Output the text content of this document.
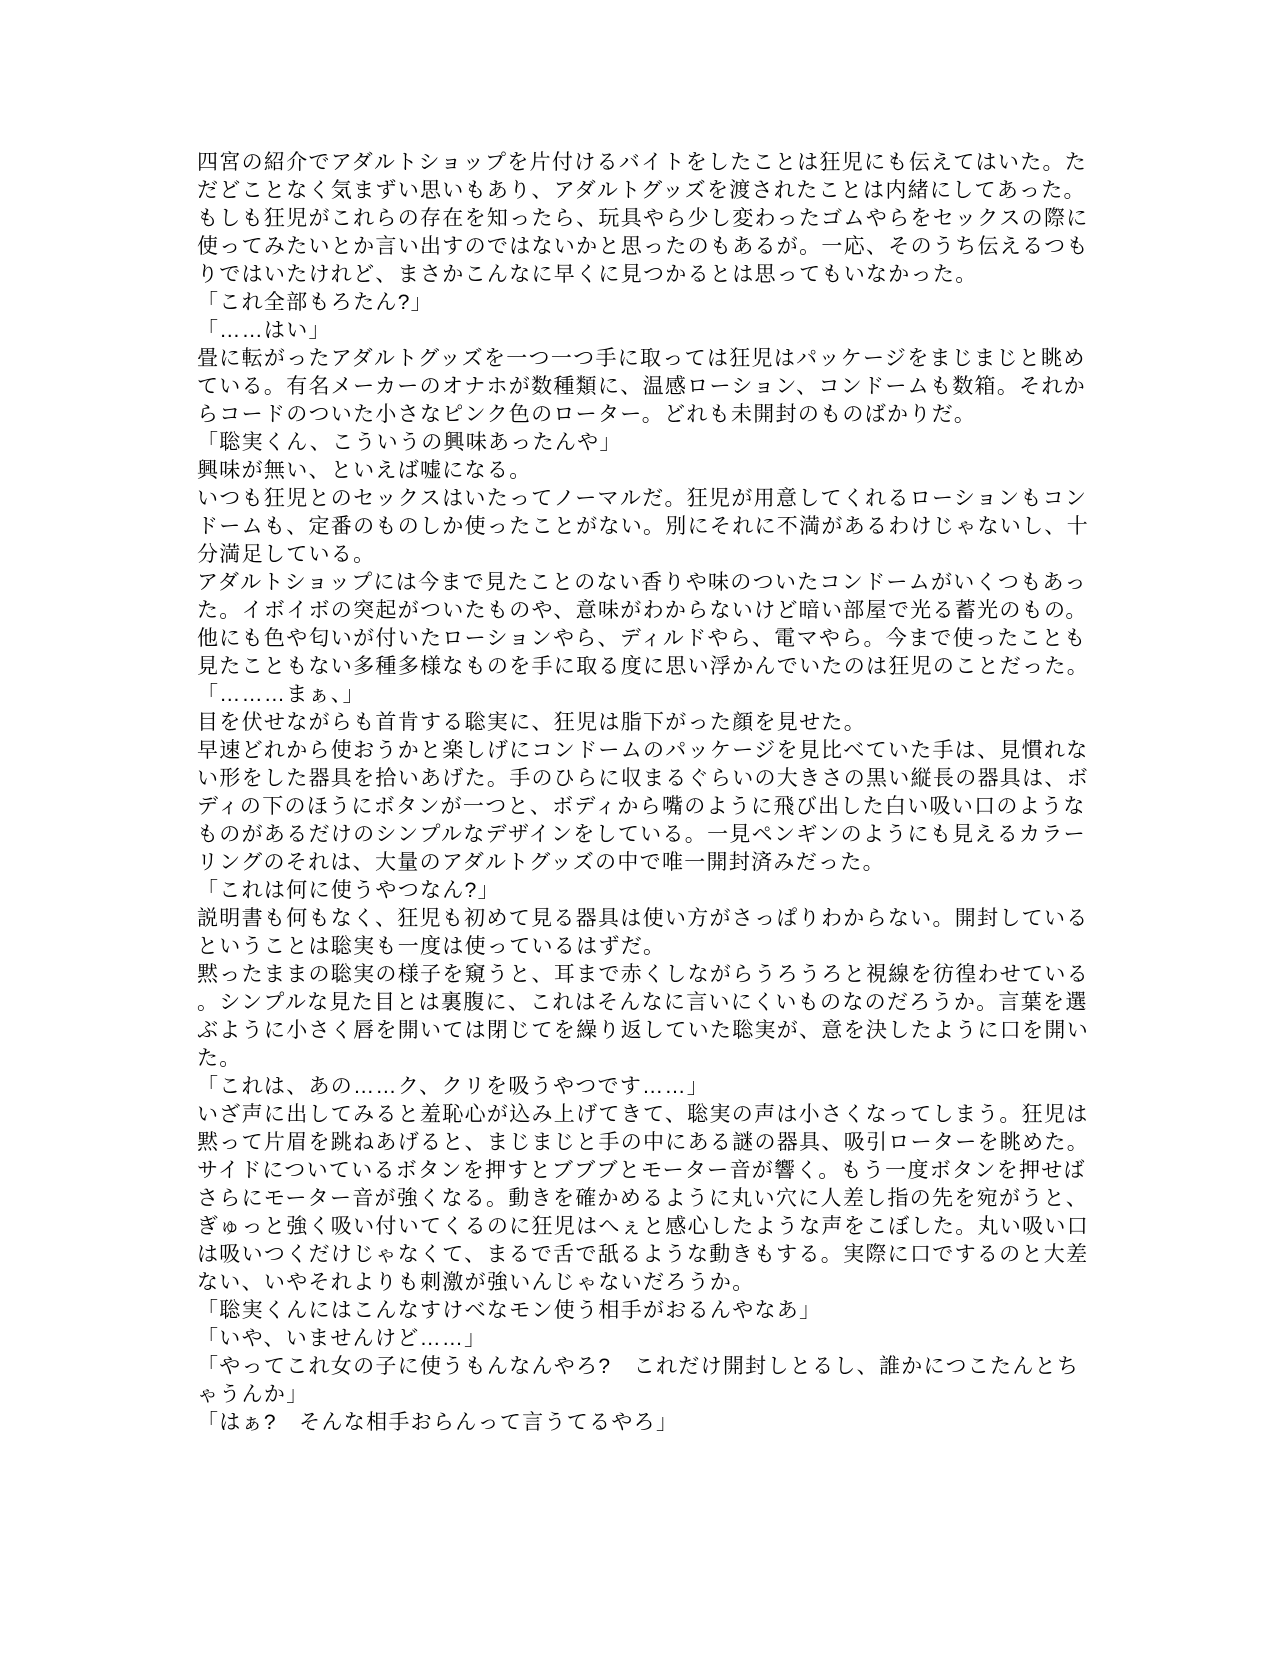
四宮の紹介でアダルトショップを片付けるバイトをしたことは狂児にも伝えてはいた。た
だどことなく気まずい思いもあり、アダルトグッズを渡されたことは内緒にしてあった。
もしも狂児がこれらの存在を知ったら、玩具やら少し変わったゴムやらをセックスの際に
使ってみたいとか言い出すのではないかと思ったのもあるが。一応、そのうち伝えるつも
りではいたけれど、まさかこんなに早くに見つかるとは思ってもいなかった。
「これ全部もろたん?」
「……はい」
畳に転がったアダルトグッズを一つ一つ手に取っては狂児はパッケージをまじまじと眺め
ている。有名メーカーのオナホが数種類に、温感ローション、コンドームも数箱。それか
らコードのついた小さなピンク色のローター。どれも未開封のものばかりだ。
「聡実くん、こういうの興味あったんや」
興味が無い、といえば嘘になる。
いつも狂児とのセックスはいたってノーマルだ。狂児が用意してくれるローションもコン
ドームも、定番のものしか使ったことがない。別にそれに不満があるわけじゃないし、十
分満足している。
アダルトショップには今まで見たことのない香りや味のついたコンドームがいくつもあっ
た。イボイボの突起がついたものや、意味がわからないけど暗い部屋で光る蓄光のもの。
他にも色や匂いが付いたローションやら、ディルドやら、電マやら。今まで使ったことも
見たこともない多種多様なものを手に取る度に思い浮かんでいたのは狂児のことだった。
「………まぁ、」
目を伏せながらも首肯する聡実に、狂児は脂下がった顔を見せた。
早速どれから使おうかと楽しげにコンドームのパッケージを見比べていた手は、見慣れな
い形をした器具を拾いあげた。手のひらに収まるぐらいの大きさの黒い縦長の器具は、ボ
ディの下のほうにボタンが一つと、ボディから嘴のように飛び出した白い吸い口のような
ものがあるだけのシンプルなデザインをしている。一見ペンギンのようにも見えるカラー
リングのそれは、大量のアダルトグッズの中で唯一開封済みだった。
「これは何に使うやつなん?」
説明書も何もなく、狂児も初めて見る器具は使い方がさっぱりわからない。開封している
ということは聡実も一度は使っているはずだ。
黙ったままの聡実の様子を窺うと、耳まで赤くしながらうろうろと視線を彷徨わせている
。シンプルな見た目とは裏腹に、これはそんなに言いにくいものなのだろうか。言葉を選
ぶように小さく唇を開いては閉じてを繰り返していた聡実が、意を決したように口を開い
た。
「これは、あの……ク、クリを吸うやつです……」
いざ声に出してみると羞恥心が込み上げてきて、聡実の声は小さくなってしまう。狂児は
黙って片眉を跳ねあげると、まじまじと手の中にある謎の器具、吸引ローターを眺めた。
サイドについているボタンを押すとブブブとモーター音が響く。もう一度ボタンを押せば
さらにモーター音が強くなる。動きを確かめるように丸い穴に人差し指の先を宛がうと、
ぎゅっと強く吸い付いてくるのに狂児はへぇと感心したような声をこぼした。丸い吸い口
は吸いつくだけじゃなくて、まるで舌で舐るような動きもする。実際に口でするのと大差
ない、いやそれよりも刺激が強いんじゃないだろうか。
「聡実くんにはこんなすけべなモン使う相手がおるんやなあ」
「いや、いませんけど……」
「やってこれ女の子に使うもんなんやろ?　これだけ開封しとるし、誰かにつこたんとち
ゃうんか」
「はぁ?　そんな相手おらんって言うてるやろ」
